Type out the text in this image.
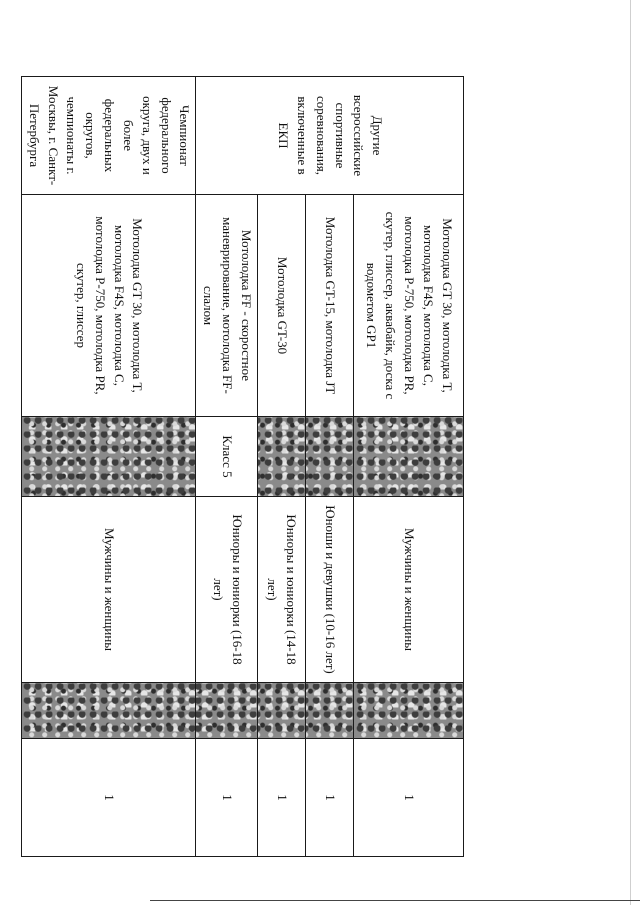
Другие всероссийские спортивные соревнования, включенные в ЕКП	Мотолодка GT 30, мотолодка T, мотолодка F4S, мотолодка C, мотолодка P-750, мотолодка PR, скутер, глиссер, аквабайк, доска с водометом GP1		Мужчины и женщины		1
	Мотолодка GT-15, мотолодка JT		Юноши и девушки (10-16 лет)		1
	Мотолодка GT-30		Юниоры и юниорки (14-18 лет)		1
	Мотолодка FF - скоростное маневрирование, мотолодка FF- слалом	Класс 5	Юниоры и юниорки (16-18 лет)		1
Чемпионат федерального округа, двух и более федеральных округов, чемпионаты г. Москвы, г. Санкт-Петербурга	Мотолодка GT 30, мотолодка T, мотолодка F4S, мотолодка C, мотолодка P-750, мотолодка PR, скутер, глиссер		Мужчины и женщины		1
